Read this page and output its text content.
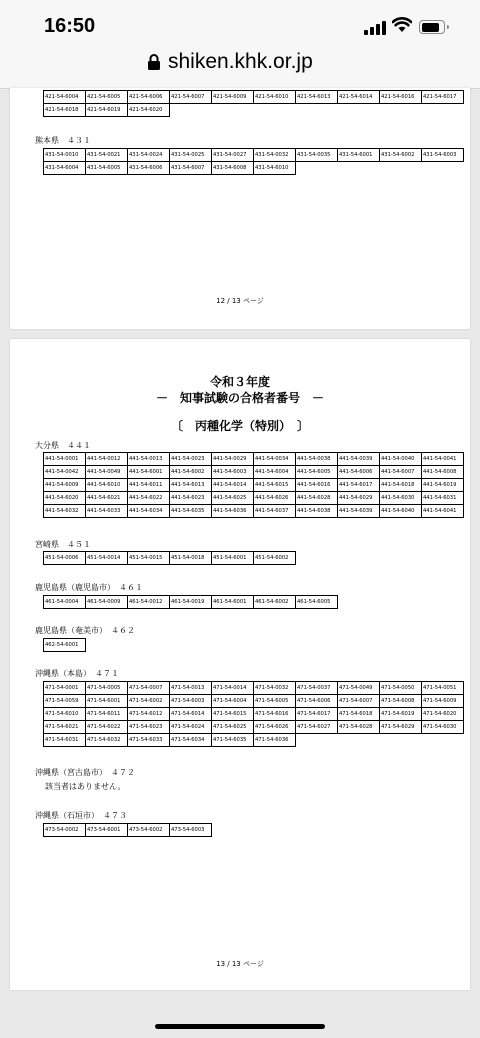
16:50
shiken.khk.or.jp
421-54-6004	421-54-6005	421-54-6006	421-54-6007	421-54-6009	421-54-6010	421-54-6013	421-54-6014	421-54-6016	421-54-6017
421-54-6018	421-54-6019	421-54-6020							
熊本県　４３１
431-54-0010	431-54-0021	431-54-0024	431-54-0025	431-54-0027	431-54-0032	431-54-0035	431-54-6001	431-54-6002	431-54-6003
431-54-6004	431-54-6005	431-54-6006	431-54-6007	431-54-6008	431-54-6010				
12 / 13 ページ
令和３年度
－　知事試験の合格者番号　－
〔　丙種化学（特別）　〕
大分県　４４１
441-54-0001	441-54-0012	441-54-0013	441-54-0023	441-54-0029	441-54-0034	441-54-0038	441-54-0039	441-54-0040	441-54-0041
441-54-0042	441-54-0049	441-54-6001	441-54-6002	441-54-6003	441-54-6004	441-54-6005	441-54-6006	441-54-6007	441-54-6008
441-54-6009	441-54-6010	441-54-6011	441-54-6013	441-54-6014	441-54-6015	441-54-6016	441-54-6017	441-54-6018	441-54-6019
441-54-6020	441-54-6021	441-54-6022	441-54-6023	441-54-6025	441-54-6026	441-54-6028	441-54-6029	441-54-6030	441-54-6031
441-54-6032	441-54-6033	441-54-6034	441-54-6035	441-54-6036	441-54-6037	441-54-6038	441-54-6039	441-54-6040	441-54-6041
宮崎県　４５１
451-54-0006	451-54-0014	451-54-0015	451-54-0018	451-54-6001	451-54-6002
鹿児島県（鹿児島市）　４６１
461-54-0004	461-54-0009	461-54-0012	461-54-0019	461-54-6001	461-54-6002	461-54-6005
鹿児島県（奄美市）　４６２
462-54-6001
沖縄県（本島）　４７１
471-54-0001	471-54-0005	471-54-0007	471-54-0013	471-54-0014	471-54-0032	471-54-0037	471-54-0049	471-54-0050	471-54-0051
471-54-0059	471-54-6001	471-54-6002	471-54-6003	471-54-6004	471-54-6005	471-54-6006	471-54-6007	471-54-6008	471-54-6009
471-54-6010	471-54-6011	471-54-6012	471-54-6014	471-54-6015	471-54-6016	471-54-6017	471-54-6018	471-54-6019	471-54-6020
471-54-6021	471-54-6022	471-54-6023	471-54-6024	471-54-6025	471-54-6026	471-54-6027	471-54-6028	471-54-6029	471-54-6030
471-54-6031	471-54-6032	471-54-6033	471-54-6034	471-54-6035	471-54-6036				
沖縄県（宮古島市）　４７２
該当者はありません。
沖縄県（石垣市）　４７３
473-54-0002	473-54-6001	473-54-6002	473-54-6003
13 / 13 ページ
